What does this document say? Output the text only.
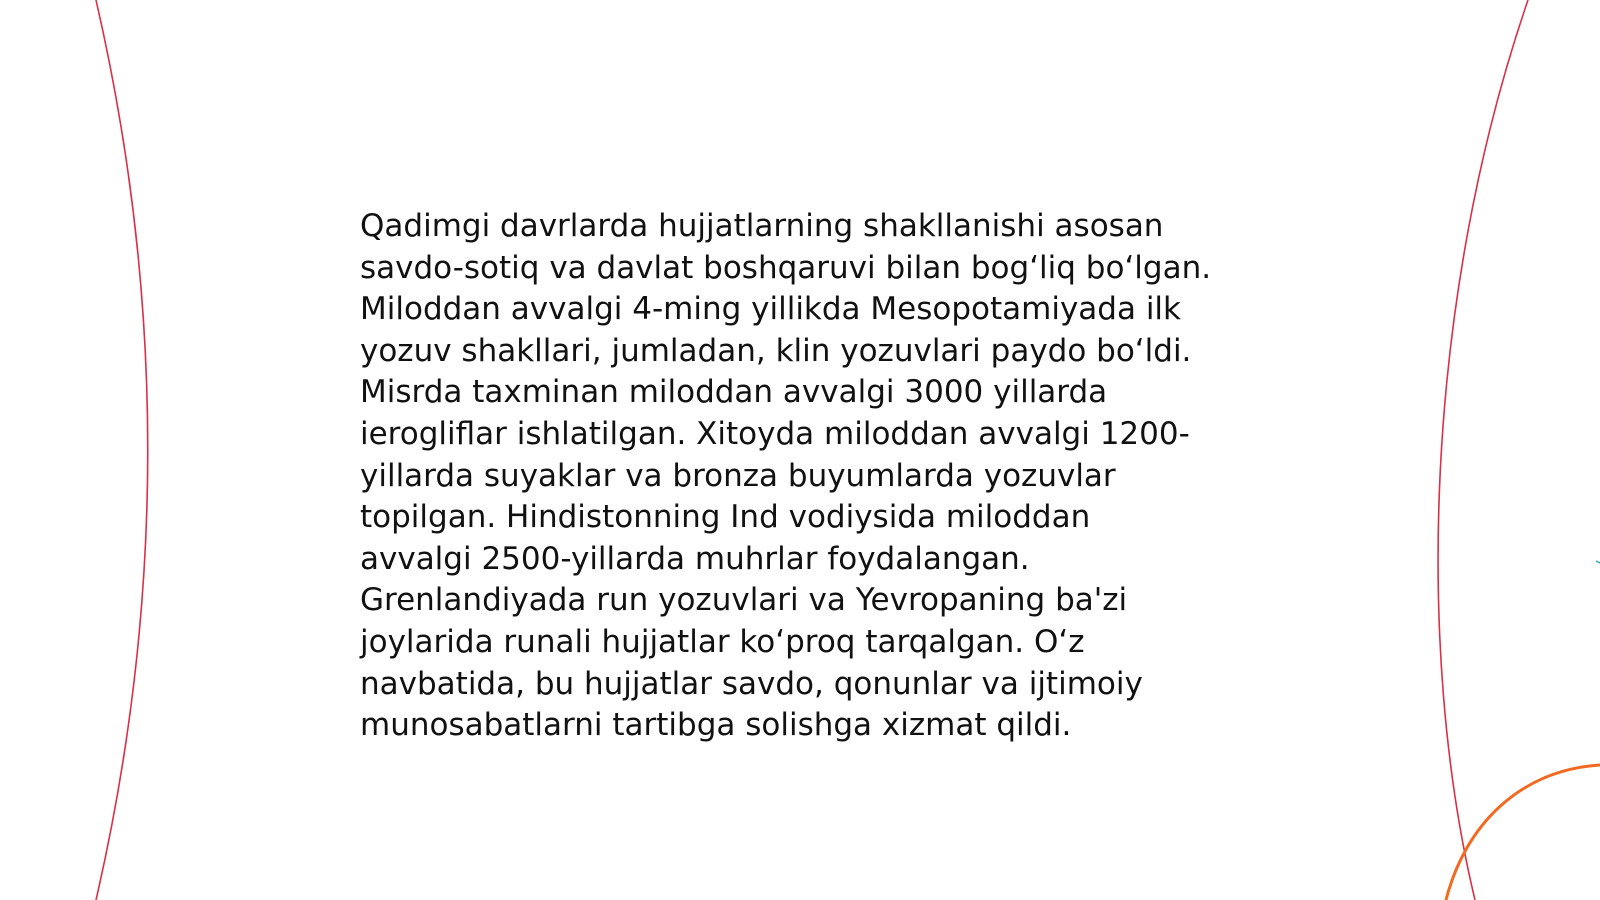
Qadimgi davrlarda hujjatlarning shakllanishi asosan
savdo-sotiq va davlat boshqaruvi bilan bog‘liq bo‘lgan.
Miloddan avvalgi 4-ming yillikda Mesopotamiyada ilk
yozuv shakllari, jumladan, klin yozuvlari paydo bo‘ldi.
Misrda taxminan miloddan avvalgi 3000 yillarda
ierogliflar ishlatilgan. Xitoyda miloddan avvalgi 1200-
yillarda suyaklar va bronza buyumlarda yozuvlar
topilgan. Hindistonning Ind vodiysida miloddan
avvalgi 2500-yillarda muhrlar foydalangan.
Grenlandiyada run yozuvlari va Yevropaning ba'zi
joylarida runali hujjatlar ko‘proq tarqalgan. O‘z
navbatida, bu hujjatlar savdo, qonunlar va ijtimoiy
munosabatlarni tartibga solishga xizmat qildi.
